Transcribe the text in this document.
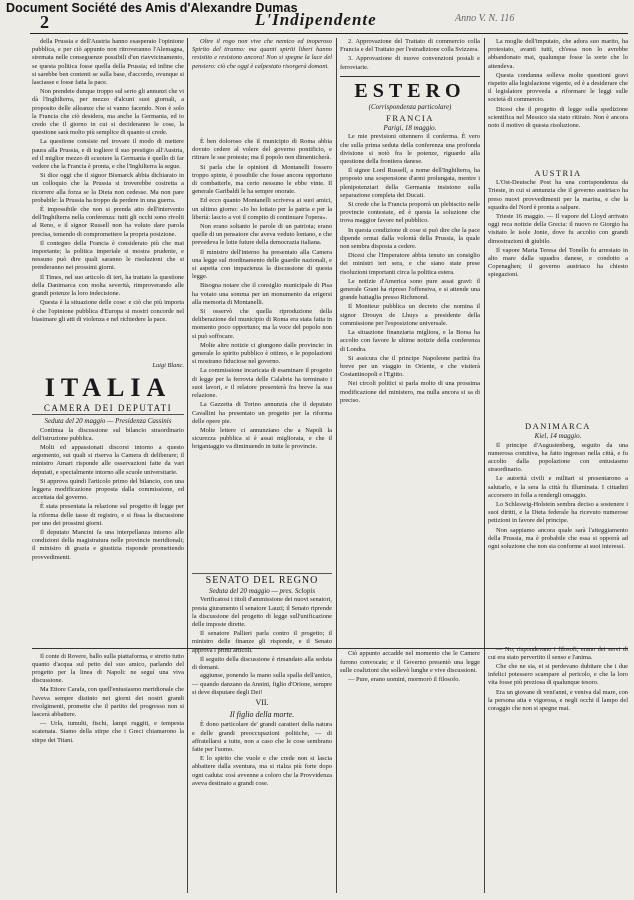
2	L'Indipendente	Anno V. N. 116

della Prussia e dell'Austria hanno esasperato l'opinione pubblica, e per ciò appunto non ritroveranno l'Alemagna, stremata nelle conseguenze possibili d'un riavvicinamento, se questa politica fosse quella della Prussia; ed infine che si sarebbe ben contenti se sulla base, d'accordo, ovunque si lasciasse e fosse fatta la pace.

Non prendete dunque troppo sul serio gli annunzi che vi dà l'Inghilterra, per mezzo d'alcuni suoi giornali, a proposito delle alleanze che si vanno facendo. Non è solo la Francia che ciò desidera, ma anche la Germania, ed io credo che il giorno in cui si decideranno le cose, la questione sarà molto più semplice di quanto si crede.

La questione consiste nel trovare il modo di mettere paura alla Prussia, e di togliere il suo prestigio all'Austria, ed il miglior mezzo di scuotere la Germania è quello di far vedere che la Francia è pronta, e che l'Inghilterra la segue.

Si dice oggi che il signor Bismarck abbia dichiarato in un colloquio che la Prussia si troverebbe costretta a ricorrere alla forza se la Dieta non cedesse. Ma non pare probabile: la Prussia ha troppo da perdere in una guerra.

È impossibile che non si prenda atto dell'intervento dell'Inghilterra nella conferenza: tutti gli occhi sono rivolti al Reno, e il signor Russell non ha voluto dare parola precisa, temendo di compromettere la propria posizione.

Il contegno della Francia è considerato più che mai importante; la politica imperiale si mostra prudente, e nessuno può dire quali saranno le risoluzioni che si prenderanno nei prossimi giorni.

Il Times, nel suo articolo di ieri, ha trattato la questione della Danimarca con molta severità, rimproverando alle grandi potenze la loro indecisione.

Questa è la situazione delle cose: e ciò che più importa è che l'opinione pubblica d'Europa si mostri concorde nel biasimare gli atti di violenza e nel richiedere la pace.

Luigi Blanc.
ITALIA
CAMERA DEI DEPUTATI
Seduta del 20 maggio — Presidenza Cassinis

Continua la discussione sul bilancio straordinario dell'istruzione pubblica.

Molti ed appassionati discorsi intorno a questo argomento, sui quali si riserva la Camera di deliberare; il ministro Amari risponde alle osservazioni fatte da vari deputati, e specialmente intorno alle scuole universitarie.

Si approva quindi l'articolo primo del bilancio, con una leggera modificazione proposta dalla commissione, ed accettata dal governo.

È stata presentata la relazione sul progetto di legge per la riforma delle tasse di registro, e si fissa la discussione per uno dei prossimi giorni.

Il deputato Mancini fa una interpellanza intorno alle condizioni della magistratura nelle provincie meridionali; il ministro di grazia e giustizia risponde promettendo provvedimenti.

Il conte di Rovere, ballo sulla piattaforma, e stretto tutto quanto d'acqua sul petto del suo amico, parlando del progetto per la linea di Napoli: ne seguì una viva discussione.

Ma Ettore Carafa, con quell'entusiasmo meridionale che l'aveva sempre distinto nei giorni dei nostri grandi rivolgimenti, promette che il partito del progresso non si lascerà abbattere.

— Urla, tumulti, fischi, lampi ruggiti, e tempesta scatenata. Siamo della stirpe che i Greci chiamarono la stirpe dei Titani.

Oltre il rogo non vive che nemico ed inoperoso Spirito del tiranno: ma quanti spiriti liberi hanno resistito e resistono ancora! Non si spegne la luce del pensiero: ciò che oggi è calpestato risorgerà domani.

È ben doloroso che il municipio di Roma abbia dovuto cedere al volere del governo pontificio, e ritirare le sue proteste; ma il popolo non dimenticherà.

Si parla che le opinioni di Montanelli fossero troppo spinte, è possibile che fosse ancora opportuno di combatterle, ma certo nessuno le ebbe vinte. Il generale Garibaldi le ha sempre onorate.

Ed ecco quanto Montanelli scriveva ai suoi amici, un ultimo giorno: «Io ho lottato per la patria e per la libertà: lascio a voi il compito di continuare l'opera».

Non erano soltanto le parole di un patriota; erano quelle di un pensatore che aveva veduto lontano, e che prevedeva le lotte future della democrazia italiana.

Il ministro dell'interno ha presentato alla Camera una legge sul riordinamento delle guardie nazionali, e si aspetta con impazienza la discussione di questa legge.

Bisogna notare che il consiglio municipale di Pisa ha votato una somma per un monumento da erigersi alla memoria di Montanelli.

Si osservò che quella riproduzione della deliberazione del municipio di Roma era stata fatta in momento poco opportuno; ma la voce del popolo non si può soffocare.

Molte altre notizie ci giungono dalle provincie: in generale lo spirito pubblico è ottimo, e le popolazioni si mostrano fiduciose nel governo.

La commissione incaricata di esaminare il progetto di legge per la ferrovia delle Calabrie ha terminato i suoi lavori, e il relatore presenterà fra breve la sua relazione.

La Gazzetta di Torino annunzia che il deputato Cavallini ha presentato un progetto per la riforma delle opere pie.

Molte lettere ci annunziano che a Napoli la sicurezza pubblica si è assai migliorata, e che il brigantaggio va diminuendo in tutte le provincie.

SENATO DEL REGNO
Seduta del 20 maggio — pres. Sclopis

Verificatosi i titoli d'ammissione dei nuovi senatori, presta giuramento il senatore Lauzi; il Senato riprende la discussione del progetto di legge sull'unificazione delle imposte dirette.

Il senatore Pallieri parla contro il progetto; il ministro delle finanze gli risponde, e il Senato approva i primi articoli.

Il seguito della discussione è rimandato alla seduta di domani.

aggiunse, ponendo la mano sulla spalla dell'amico, — quando danzano da Annini, figlio d'Orione, sempre si deve disputare degli Dei!

VII.
Il figlio della morte.

È dono particolare de' grandi caratteri della natura e delle grandi preoccupazioni politiche, — di affratellarsi a tutte, non a caso che le cose sembrano fatte per l'uomo.

E lo spirito che vuole e che crede non si lascia abbattere dalla sventura, ma si rialza più forte dopo ogni caduta: così avvenne a coloro che la Provvidenza aveva destinato a grandi cose.

2. Approvazione del Trattato di commercio colla Francia e del Trattato per l'estradizione colla Svizzera.

3. Approvazione di nuove convenzioni postali e ferroviarie.

ESTERO
(Corrispondenza particolare)
FRANCIA
Parigi, 18 maggio.

Le mie previsioni ottennero il conferma. È vero che sulla prima seduta della conferenza una profonda divisione si notò fra le potenze, riguardo alla questione della frontiera danese.

Il signor Lord Russell, a nome dell'Inghilterra, ha proposto una sospensione d'armi prolungata, mentre i plenipotenziari della Germania insistono sulla separazione completa dei Ducati.

Si crede che la Francia proporrà un plebiscito nelle provincie contestate, ed è questa la soluzione che trova maggior favore nel pubblico.

In questa condizione di cose si può dire che la pace dipende ormai dalla volontà della Prussia, la quale non sembra disposta a cedere.

Dicesi che l'Imperatore abbia tenuto un consiglio dei ministri ieri sera, e che siano state prese risoluzioni importanti circa la politica estera.

Le notizie d'America sono pure assai gravi: il generale Grant ha ripreso l'offensiva, e si attende una grande battaglia presso Richmond.

Il Moniteur pubblica un decreto che nomina il signor Drouyn de Lhuys a presidente della commissione per l'esposizione universale.

La situazione finanziaria migliora, e la Borsa ha accolto con favore le ultime notizie della conferenza di Londra.

Si assicura che il principe Napoleone partirà fra breve per un viaggio in Oriente, e che visiterà Costantinopoli e l'Egitto.

Nei circoli politici si parla molto di una prossima modificazione del ministero, ma nulla ancora si sa di preciso.

Ciò appunto accadde nel momento che le Camere furono convocate; e il Governo presentò una legge sulle coalizioni che sollevò lunghe e vive discussioni.

— Pure, erano uomini, mormorò il filosofo.

La moglie dell'imputato, che adora suo marito, ha protestato, avanti tutti, ch'essa non lo avrebbe abbandonato mai, qualunque fosse la sorte che lo attendeva.

Questa condanna solleva molte questioni gravi rispetto alla legislazione vigente, ed è a desiderare che il legislatore provveda a riformare le leggi sulle società di commercio.

Dicesi che il progetto di legge sulla spedizione scientifica nel Messico sia stato ritirato. Non è ancora noto il motivo di questa risoluzione.

AUSTRIA

L'Ost-Deutsche Post ha una corrispondenza da Trieste, in cui si annunzia che il governo austriaco ha preso nuovi provvedimenti per la marina, e che la squadra del Nord è pronta a salpare.

Trieste 16 maggio. — Il vapore del Lloyd arrivato oggi reca notizie della Grecia: il nuovo re Giorgio ha visitato le isole Jonie, dove fu accolto con grandi dimostrazioni di giubilo.

Il vapore Maria Teresa del Tonello fu arrestato in alto mare dalla squadra danese, e condotto a Copenaghen; il governo austriaco ha chiesto spiegazioni.

DANIMARCA
Kiel, 14 maggio.

Il principe d'Augustenberg, seguito da una numerosa comitiva, ha fatto ingresso nella città, e fu accolto dalla popolazione con entusiasmo straordinario.

Le autorità civili e militari si presentarono a salutarlo, e la sera la città fu illuminata. I cittadini accorsero in folla a rendergli omaggio.

Lo Schleswig-Holstein sembra deciso a sostenere i suoi diritti, e la Dieta federale ha ricevuto numerose petizioni in favore del principe.

Non sappiamo ancora quale sarà l'atteggiamento della Prussia, ma è probabile che essa si opporrà ad ogni soluzione che non sia conforme ai suoi interessi.

— No, rispondevano i filosofi, erano dei servi di cui era stato pervertito il senso e l'anima.

Che che ne sia, ei si perdevano dubitare che i due infelici potessero scampare al pericolo, e che la loro vita fosse più preziosa di qualunque tesoro.

Era un giovane di vent'anni, e veniva dal mare, con la persona atta e vigorosa, e negli occhi il lampo del coraggio che non si spegne mai.

Document Société des Amis d'Alexandre Dumas
